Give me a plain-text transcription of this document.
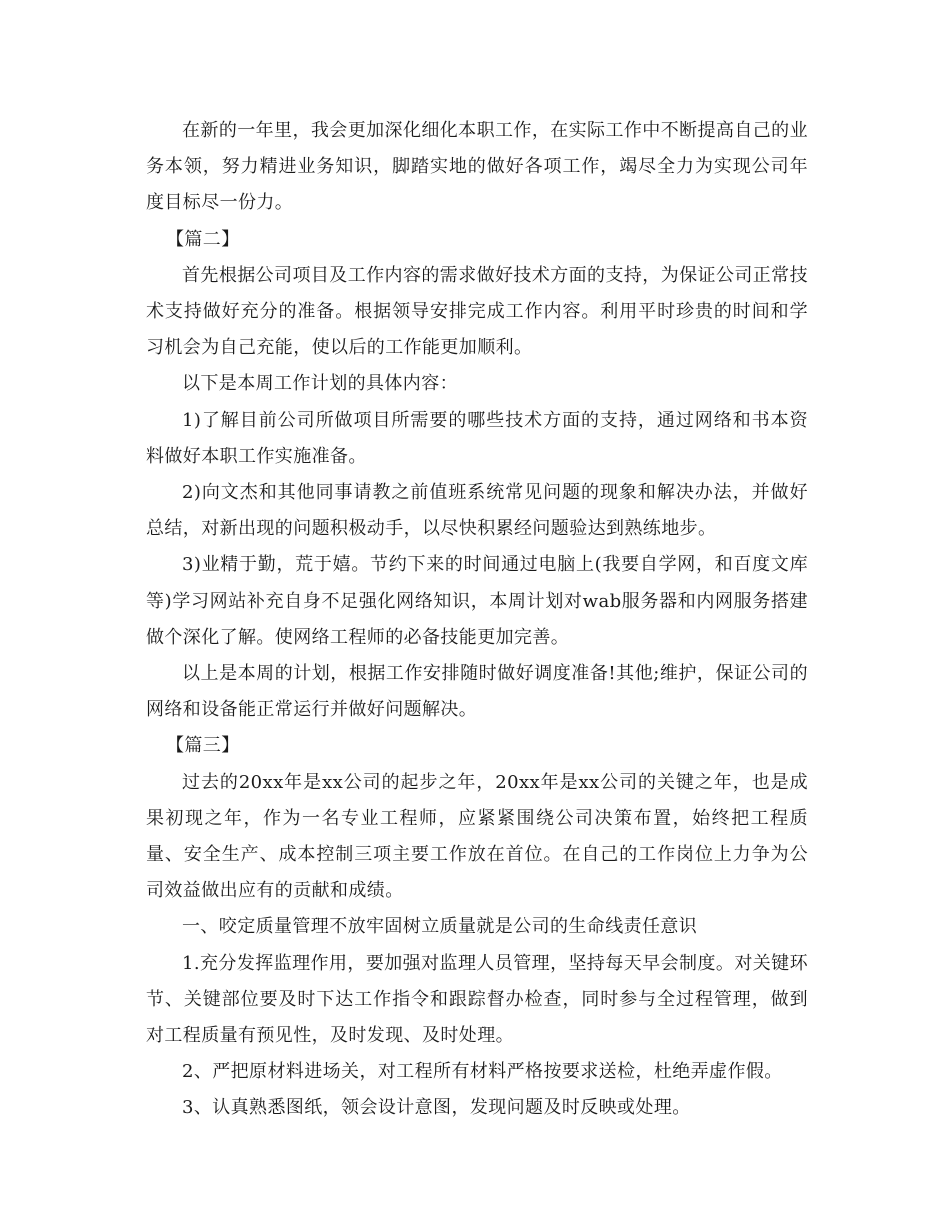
在新的一年里，我会更加深化细化本职工作，在实际工作中不断提高自己的业务本领，努力精进业务知识，脚踏实地的做好各项工作，竭尽全力为实现公司年度目标尽一份力。

【篇二】

首先根据公司项目及工作内容的需求做好技术方面的支持，为保证公司正常技术支持做好充分的准备。根据领导安排完成工作内容。利用平时珍贵的时间和学习机会为自己充能，使以后的工作能更加顺利。

以下是本周工作计划的具体内容：

1)了解目前公司所做项目所需要的哪些技术方面的支持，通过网络和书本资料做好本职工作实施准备。

2)向文杰和其他同事请教之前值班系统常见问题的现象和解决办法，并做好总结，对新出现的问题积极动手，以尽快积累经问题验达到熟练地步。

3)业精于勤，荒于嬉。节约下来的时间通过电脑上(我要自学网，和百度文库等)学习网站补充自身不足强化网络知识，本周计划对wab服务器和内网服务搭建做个深化了解。使网络工程师的必备技能更加完善。

以上是本周的计划，根据工作安排随时做好调度准备!其他;维护，保证公司的网络和设备能正常运行并做好问题解决。

【篇三】

过去的20xx年是xx公司的起步之年，20xx年是xx公司的关键之年，也是成果初现之年，作为一名专业工程师，应紧紧围绕公司决策布置，始终把工程质量、安全生产、成本控制三项主要工作放在首位。在自己的工作岗位上力争为公司效益做出应有的贡献和成绩。

一、咬定质量管理不放牢固树立质量就是公司的生命线责任意识

1.充分发挥监理作用，要加强对监理人员管理，坚持每天早会制度。对关键环节、关键部位要及时下达工作指令和跟踪督办检查，同时参与全过程管理，做到对工程质量有预见性，及时发现、及时处理。

2、严把原材料进场关，对工程所有材料严格按要求送检，杜绝弄虚作假。

3、认真熟悉图纸，领会设计意图，发现问题及时反映或处理。
